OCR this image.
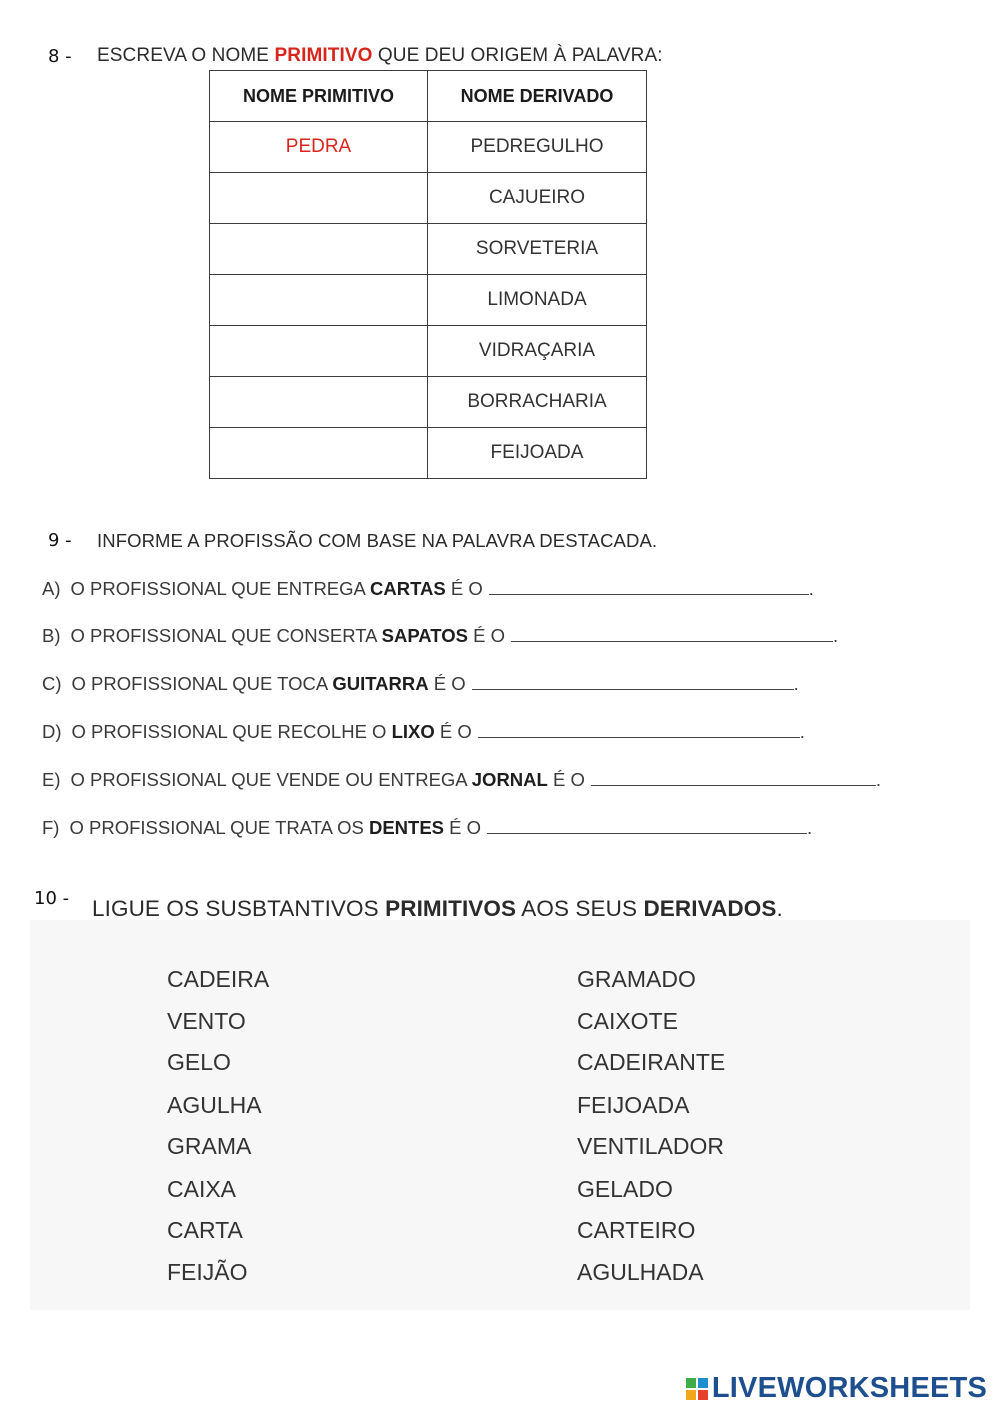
8 - ESCREVA O NOME PRIMITIVO QUE DEU ORIGEM À PALAVRA:
NOME PRIMITIVO	NOME DERIVADO
PEDRA	PEDREGULHO
	CAJUEIRO
	SORVETERIA
	LIMONADA
	VIDRAÇARIA
	BORRACHARIA
	FEIJOADA
9 - INFORME A PROFISSÃO COM BASE NA PALAVRA DESTACADA.
A) O PROFISSIONAL QUE ENTREGA CARTAS É O	.
B) O PROFISSIONAL QUE CONSERTA SAPATOS É O	.
C) O PROFISSIONAL QUE TOCA GUITARRA É O	.
D) O PROFISSIONAL QUE RECOLHE O LIXO É O	.
E) O PROFISSIONAL QUE VENDE OU ENTREGA JORNAL É O	.
F) O PROFISSIONAL QUE TRATA OS DENTES É O	.
10 - LIGUE OS SUSBTANTIVOS PRIMITIVOS AOS SEUS DERIVADOS.
CADEIRA
VENTO
GELO
AGULHA
GRAMA
CAIXA
CARTA
FEIJÃO
GRAMADO
CAIXOTE
CADEIRANTE
FEIJOADA
VENTILADOR
GELADO
CARTEIRO
AGULHADA
LIVEWORKSHEETS
